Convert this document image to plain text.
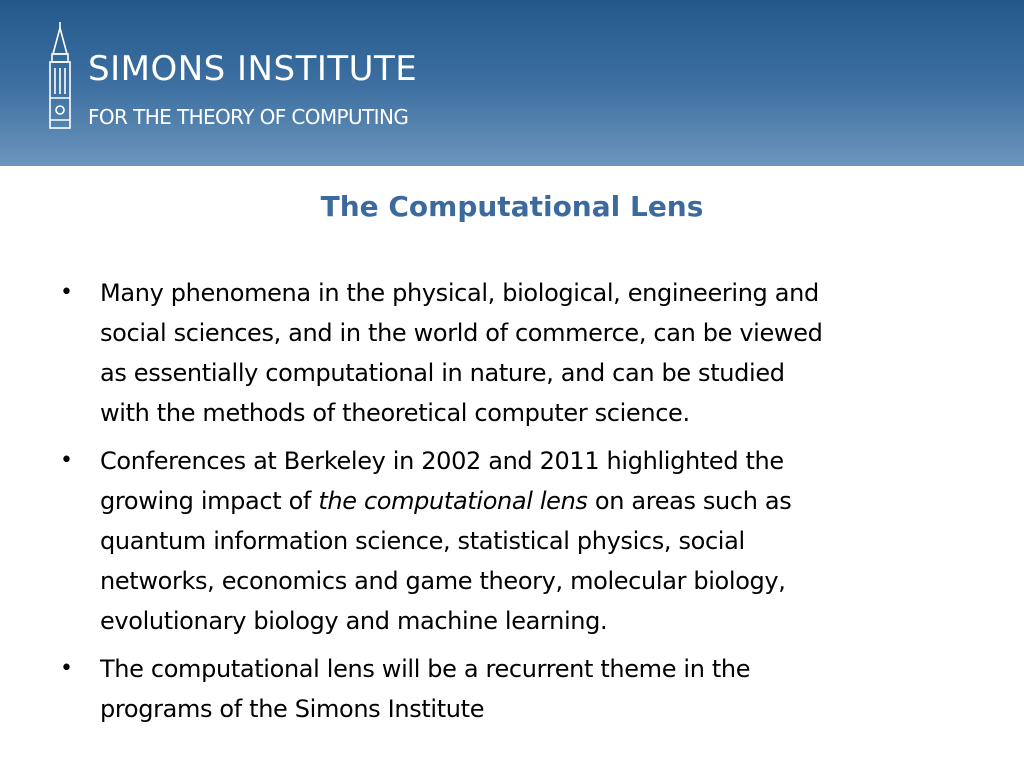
SIMONS INSTITUTE
FOR THE THEORY OF COMPUTING
The Computational Lens
• Many phenomena in the physical, biological, engineering and
social sciences, and in the world of commerce, can be viewed
as essentially computational in nature, and can be studied
with the methods of theoretical computer science.
• Conferences at Berkeley in 2002 and 2011 highlighted the
growing impact of the computational lens on areas such as
quantum information science, statistical physics, social
networks, economics and game theory, molecular biology,
evolutionary biology and machine learning.
• The computational lens will be a recurrent theme in the
programs of the Simons Institute
